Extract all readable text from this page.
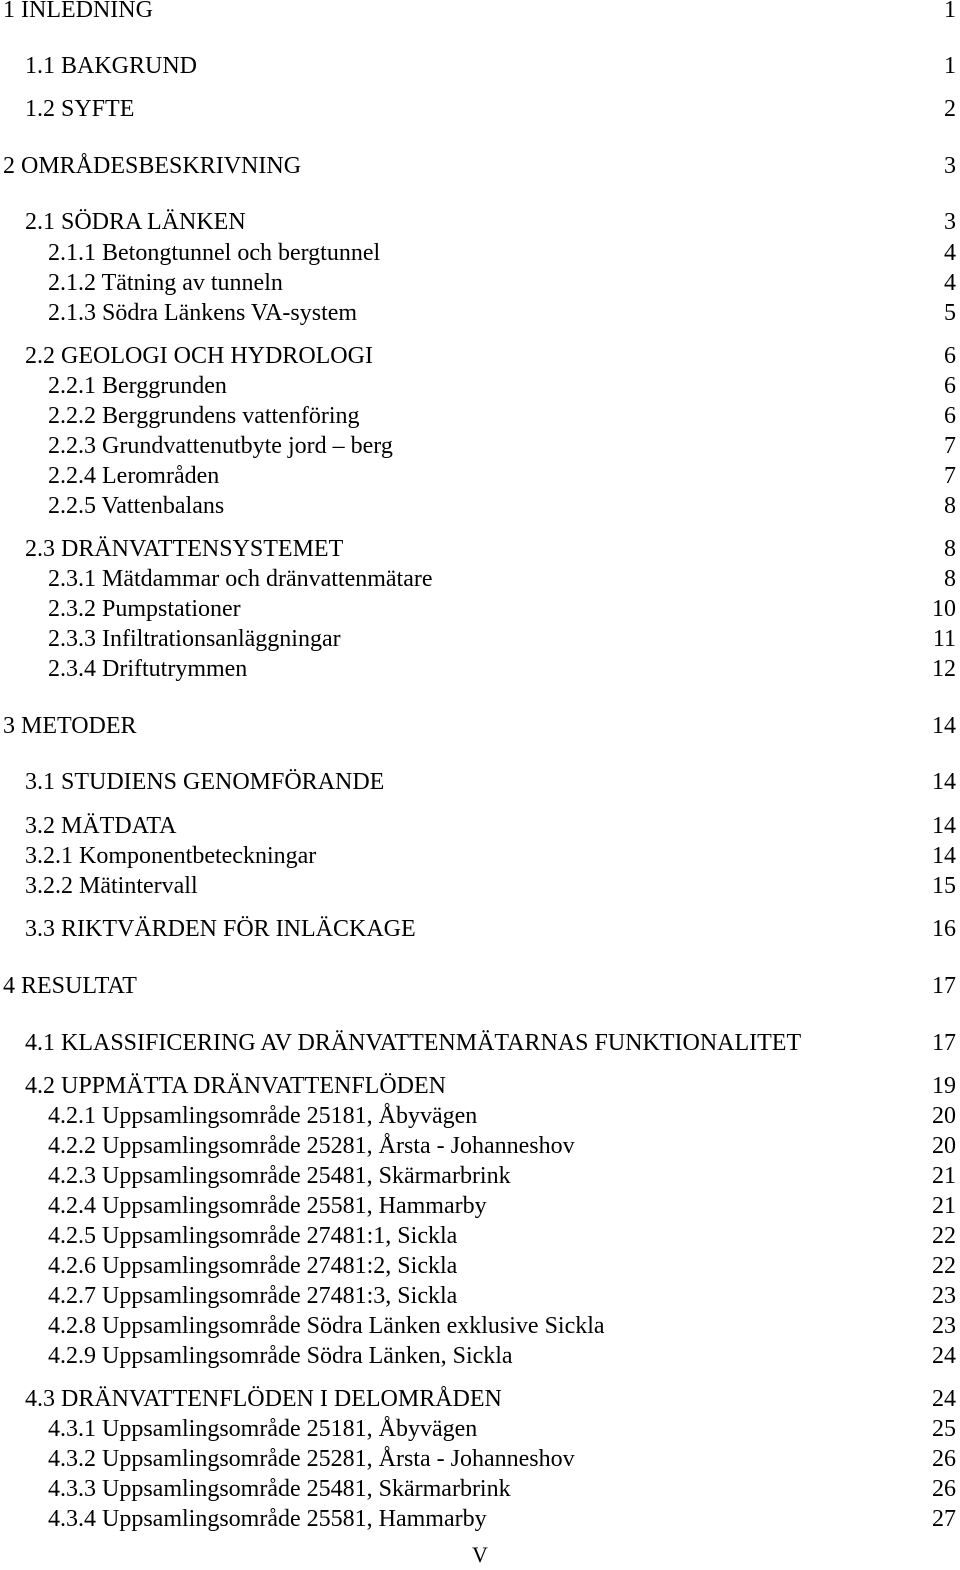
1 INLEDNING	1
1.1 BAKGRUND	1
1.2 SYFTE	2
2 OMRÅDESBESKRIVNING	3
2.1 SÖDRA LÄNKEN	3
2.1.1 Betongtunnel och bergtunnel	4
2.1.2 Tätning av tunneln	4
2.1.3 Södra Länkens VA-system	5
2.2 GEOLOGI OCH HYDROLOGI	6
2.2.1 Berggrunden	6
2.2.2 Berggrundens vattenföring	6
2.2.3 Grundvattenutbyte jord – berg	7
2.2.4 Lerområden	7
2.2.5 Vattenbalans	8
2.3 DRÄNVATTENSYSTEMET	8
2.3.1 Mätdammar och dränvattenmätare	8
2.3.2 Pumpstationer	10
2.3.3 Infiltrationsanläggningar	11
2.3.4 Driftutrymmen	12
3 METODER	14
3.1 STUDIENS GENOMFÖRANDE	14
3.2 MÄTDATA	14
3.2.1 Komponentbeteckningar	14
3.2.2 Mätintervall	15
3.3 RIKTVÄRDEN FÖR INLÄCKAGE	16
4 RESULTAT	17
4.1 KLASSIFICERING AV DRÄNVATTENMÄTARNAS FUNKTIONALITET	17
4.2 UPPMÄTTA DRÄNVATTENFLÖDEN	19
4.2.1 Uppsamlingsområde 25181, Åbyvägen	20
4.2.2 Uppsamlingsområde 25281, Årsta - Johanneshov	20
4.2.3 Uppsamlingsområde 25481, Skärmarbrink	21
4.2.4 Uppsamlingsområde 25581, Hammarby	21
4.2.5 Uppsamlingsområde 27481:1, Sickla	22
4.2.6 Uppsamlingsområde 27481:2, Sickla	22
4.2.7 Uppsamlingsområde 27481:3, Sickla	23
4.2.8 Uppsamlingsområde Södra Länken exklusive Sickla	23
4.2.9 Uppsamlingsområde Södra Länken, Sickla	24
4.3 DRÄNVATTENFLÖDEN I DELOMRÅDEN	24
4.3.1 Uppsamlingsområde 25181, Åbyvägen	25
4.3.2 Uppsamlingsområde 25281, Årsta - Johanneshov	26
4.3.3 Uppsamlingsområde 25481, Skärmarbrink	26
4.3.4 Uppsamlingsområde 25581, Hammarby	27
V
